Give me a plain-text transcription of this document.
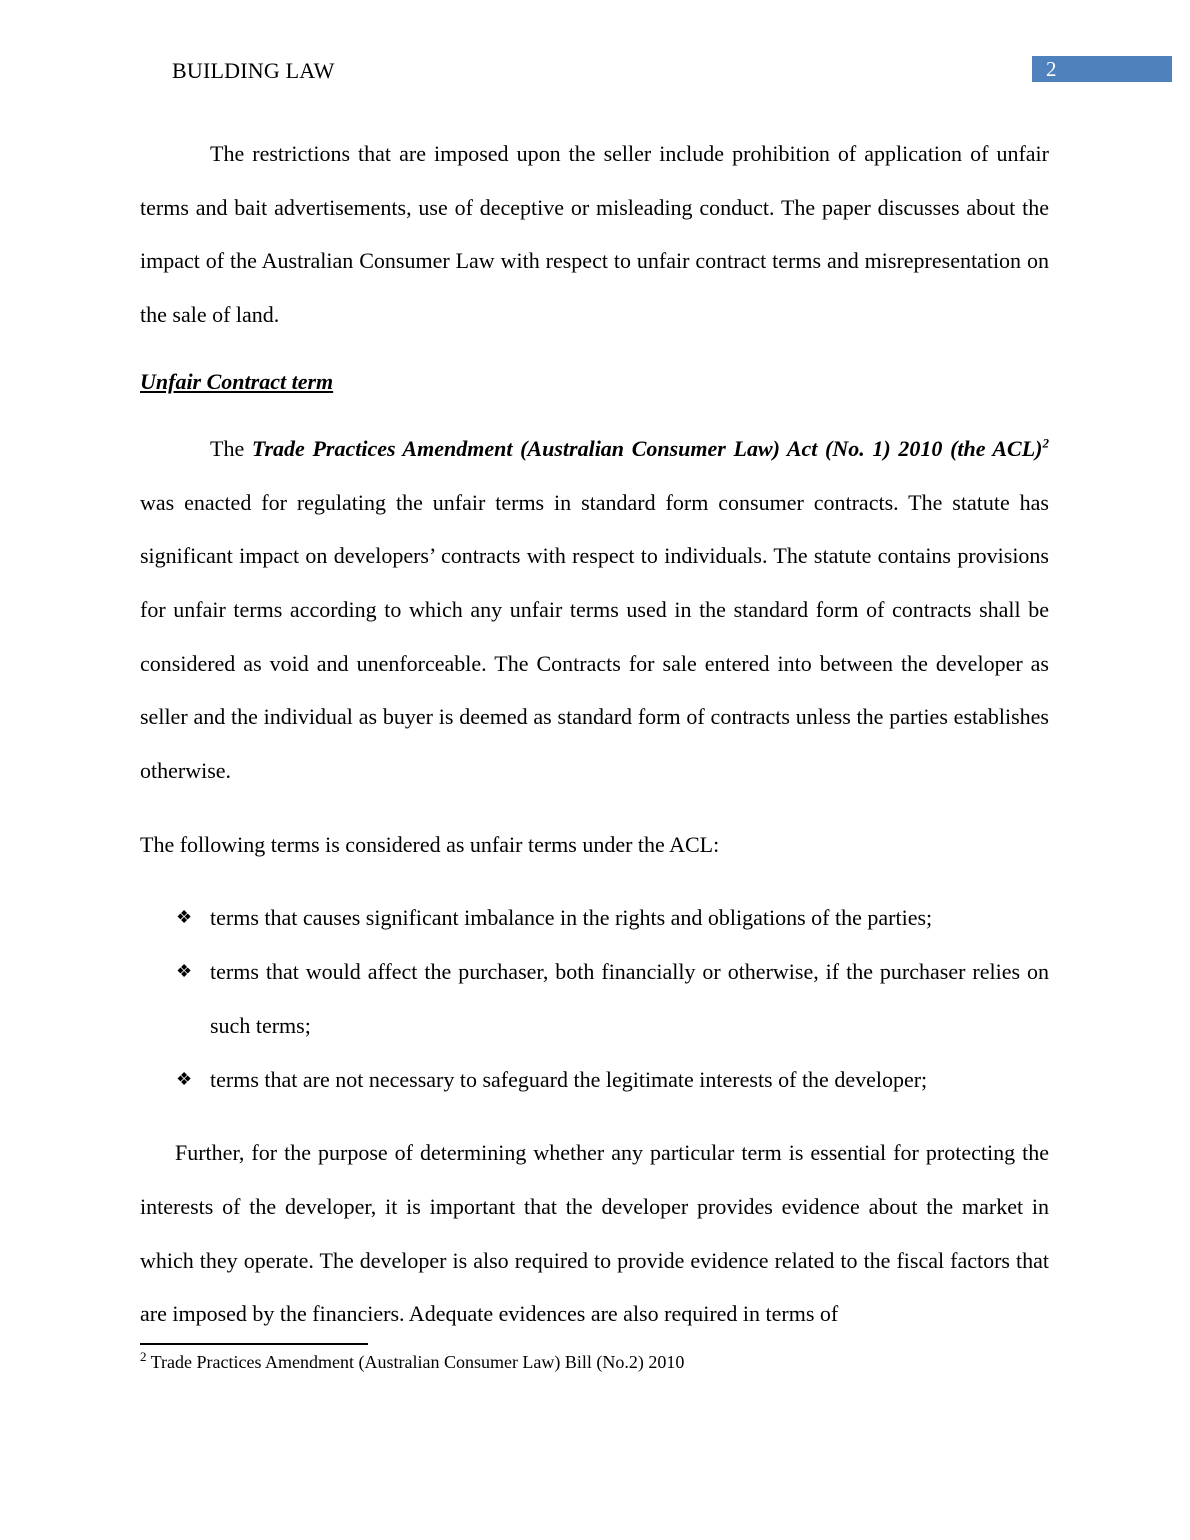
BUILDING LAW	2

The restrictions that are imposed upon the seller include prohibition of application of unfair terms and bait advertisements, use of deceptive or misleading conduct. The paper discusses about the impact of the Australian Consumer Law with respect to unfair contract terms and misrepresentation on the sale of land.

Unfair Contract term

The Trade Practices Amendment (Australian Consumer Law) Act (No. 1) 2010 (the ACL)$^2$ was enacted for regulating the unfair terms in standard form consumer contracts. The statute has significant impact on developers’ contracts with respect to individuals. The statute contains provisions for unfair terms according to which any unfair terms used in the standard form of contracts shall be considered as void and unenforceable. The Contracts for sale entered into between the developer as seller and the individual as buyer is deemed as standard form of contracts unless the parties establishes otherwise.

The following terms is considered as unfair terms under the ACL:

❖ terms that causes significant imbalance in the rights and obligations of the parties;
❖ terms that would affect the purchaser, both financially or otherwise, if the purchaser relies on such terms;
❖ terms that are not necessary to safeguard the legitimate interests of the developer;

Further, for the purpose of determining whether any particular term is essential for protecting the interests of the developer, it is important that the developer provides evidence about the market in which they operate. The developer is also required to provide evidence related to the fiscal factors that are imposed by the financiers. Adequate evidences are also required in terms of

$^2$ Trade Practices Amendment (Australian Consumer Law) Bill (No.2) 2010
